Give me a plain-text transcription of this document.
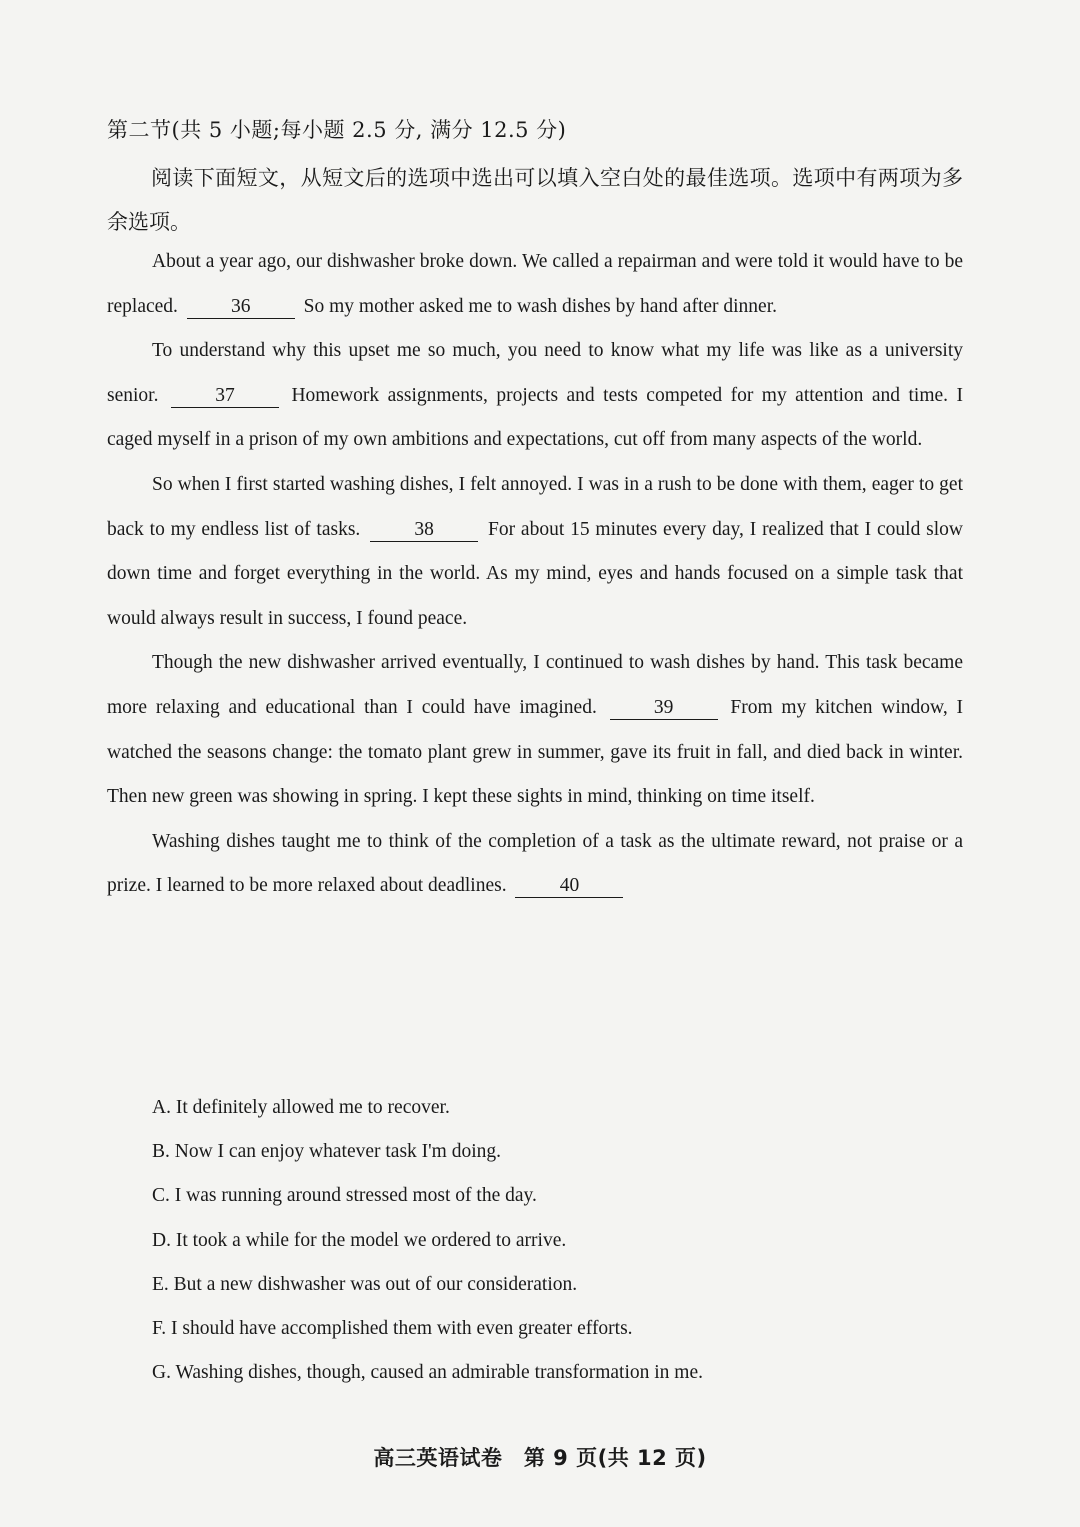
第二节(共 5 小题;每小题 2.5 分, 满分 12.5 分)
阅读下面短文，从短文后的选项中选出可以填入空白处的最佳选项。选项中有两项为多余选项。

About a year ago, our dishwasher broke down. We called a repairman and were told it would have to be replaced.	36	So my mother asked me to wash dishes by hand after dinner.

To understand why this upset me so much, you need to know what my life was like as a university senior.	37	Homework assignments, projects and tests competed for my attention and time. I caged myself in a prison of my own ambitions and expectations, cut off from many aspects of the world.

So when I first started washing dishes, I felt annoyed. I was in a rush to be done with them, eager to get back to my endless list of tasks.	38	For about 15 minutes every day, I realized that I could slow down time and forget everything in the world. As my mind, eyes and hands focused on a simple task that would always result in success, I found peace.

Though the new dishwasher arrived eventually, I continued to wash dishes by hand. This task became more relaxing and educational than I could have imagined.	39	From my kitchen window, I watched the seasons change: the tomato plant grew in summer, gave its fruit in fall, and died back in winter. Then new green was showing in spring. I kept these sights in mind, thinking on time itself.

Washing dishes taught me to think of the completion of a task as the ultimate reward, not praise or a prize. I learned to be more relaxed about deadlines.	40

A. It definitely allowed me to recover.
B. Now I can enjoy whatever task I'm doing.
C. I was running around stressed most of the day.
D. It took a while for the model we ordered to arrive.
E. But a new dishwasher was out of our consideration.
F. I should have accomplished them with even greater efforts.
G. Washing dishes, though, caused an admirable transformation in me.
高三英语试卷　第 9 页(共 12 页)
